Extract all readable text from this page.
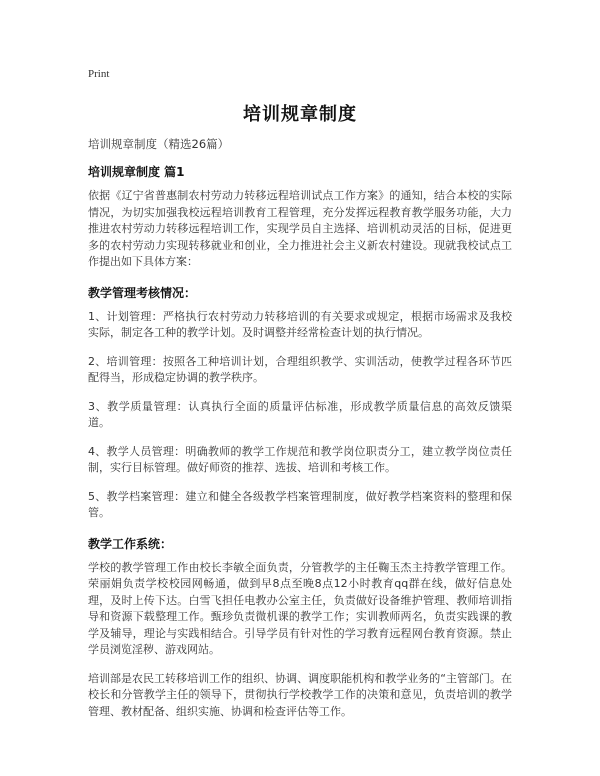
Print
培训规章制度
培训规章制度（精选26篇）
培训规章制度 篇1
依据《辽宁省普惠制农村劳动力转移远程培训试点工作方案》的通知，结合本校的实际情况，为切实加强我校远程培训教育工程管理，充分发挥远程教育教学服务功能，大力推进农村劳动力转移远程培训工作，实现学员自主选择、培训机动灵活的目标，促进更多的农村劳动力实现转移就业和创业，全力推进社会主义新农村建设。现就我校试点工作提出如下具体方案：
教学管理考核情况：
1、计划管理：严格执行农村劳动力转移培训的有关要求或规定，根据市场需求及我校实际，制定各工种的教学计划。及时调整并经常检查计划的执行情况。
2、培训管理：按照各工种培训计划，合理组织教学、实训活动，使教学过程各环节匹配得当，形成稳定协调的教学秩序。
3、教学质量管理：认真执行全面的质量评估标准，形成教学质量信息的高效反馈渠道。
4、教学人员管理：明确教师的教学工作规范和教学岗位职责分工，建立教学岗位责任制，实行目标管理。做好师资的推荐、选拔、培训和考核工作。
5、教学档案管理：建立和健全各级教学档案管理制度，做好教学档案资料的整理和保管。
教学工作系统：
学校的教学管理工作由校长李敏全面负责，分管教学的主任鞠玉杰主持教学管理工作。荣丽娟负责学校校园网畅通，做到早8点至晚8点12小时教育qq群在线，做好信息处理，及时上传下达。白雪飞担任电教办公室主任，负责做好设备维护管理、教师培训指导和资源下载整理工作。甄珍负责微机课的教学工作；实训教师两名，负责实践课的教学及辅导，理论与实践相结合。引导学员有针对性的学习教育远程网台教育资源。禁止学员浏览淫秽、游戏网站。
培训部是农民工转移培训工作的组织、协调、调度职能机构和教学业务的“主管部门。在校长和分管教学主任的领导下，贯彻执行学校教学工作的决策和意见，负责培训的教学管理、教材配备、组织实施、协调和检查评估等工作。
